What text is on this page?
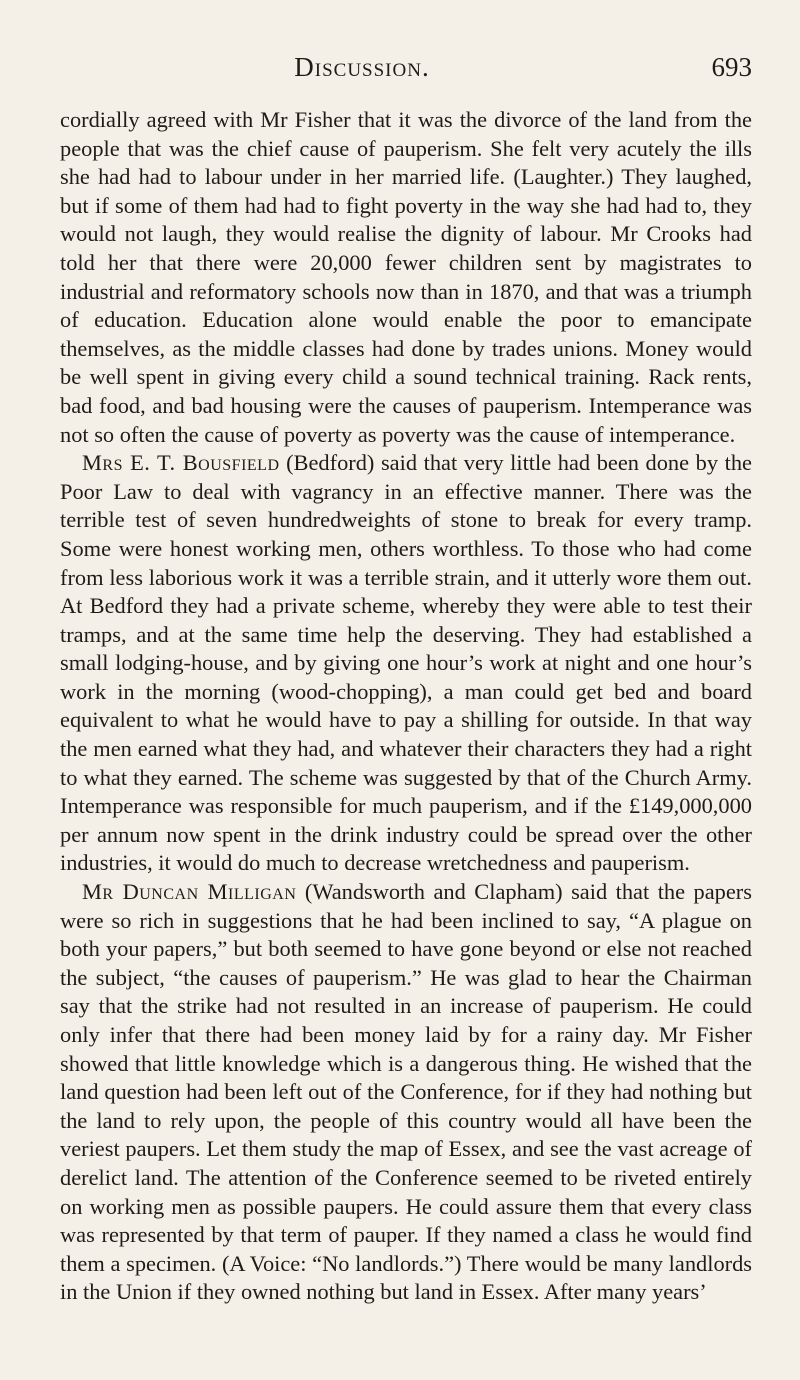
Discussion.	693

cordially agreed with Mr Fisher that it was the divorce of the land from the people that was the chief cause of pauperism. She felt very acutely the ills she had had to labour under in her married life. (Laughter.) They laughed, but if some of them had had to fight poverty in the way she had had to, they would not laugh, they would realise the dignity of labour. Mr Crooks had told her that there were 20,000 fewer children sent by magistrates to industrial and reformatory schools now than in 1870, and that was a triumph of education. Education alone would enable the poor to emancipate themselves, as the middle classes had done by trades unions. Money would be well spent in giving every child a sound technical training. Rack rents, bad food, and bad housing were the causes of pauperism. Intemperance was not so often the cause of poverty as poverty was the cause of intemperance.

Mrs E. T. Bousfield (Bedford) said that very little had been done by the Poor Law to deal with vagrancy in an effective manner. There was the terrible test of seven hundredweights of stone to break for every tramp. Some were honest working men, others worthless. To those who had come from less laborious work it was a terrible strain, and it utterly wore them out. At Bedford they had a private scheme, whereby they were able to test their tramps, and at the same time help the deserving. They had established a small lodging-house, and by giving one hour’s work at night and one hour’s work in the morning (wood-chopping), a man could get bed and board equivalent to what he would have to pay a shilling for outside. In that way the men earned what they had, and whatever their characters they had a right to what they earned. The scheme was suggested by that of the Church Army. Intemperance was responsible for much pauperism, and if the £149,000,000 per annum now spent in the drink industry could be spread over the other industries, it would do much to decrease wretchedness and pauperism.

Mr Duncan Milligan (Wandsworth and Clapham) said that the papers were so rich in suggestions that he had been inclined to say, “A plague on both your papers,” but both seemed to have gone beyond or else not reached the subject, “the causes of pauperism.” He was glad to hear the Chairman say that the strike had not resulted in an increase of pauperism. He could only infer that there had been money laid by for a rainy day. Mr Fisher showed that little knowledge which is a dangerous thing. He wished that the land question had been left out of the Conference, for if they had nothing but the land to rely upon, the people of this country would all have been the veriest paupers. Let them study the map of Essex, and see the vast acreage of derelict land. The attention of the Conference seemed to be riveted entirely on working men as possible paupers. He could assure them that every class was represented by that term of pauper. If they named a class he would find them a specimen. (A Voice: “No landlords.”) There would be many landlords in the Union if they owned nothing but land in Essex. After many years’
